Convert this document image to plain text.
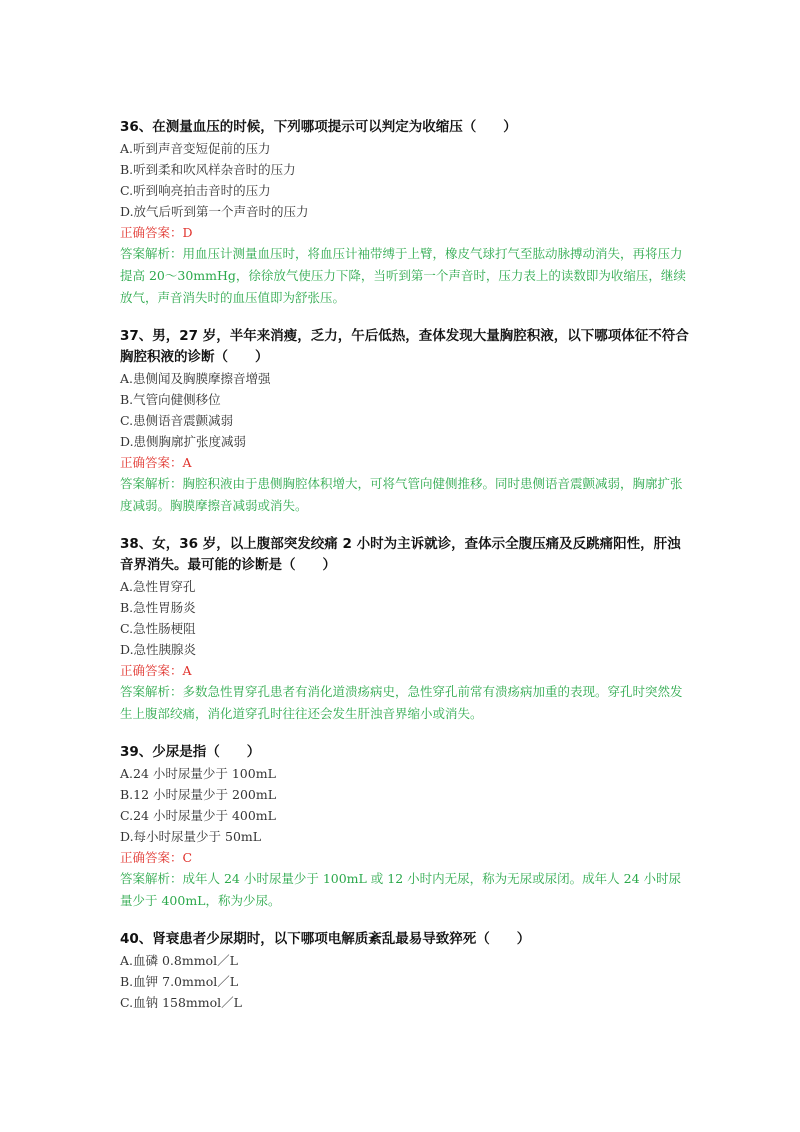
36、在测量血压的时候，下列哪项提示可以判定为收缩压（　　）
A.听到声音变短促前的压力
B.听到柔和吹风样杂音时的压力
C.听到响亮拍击音时的压力
D.放气后听到第一个声音时的压力
正确答案：D
答案解析：用血压计测量血压时，将血压计袖带缚于上臂，橡皮气球打气至肱动脉搏动消失，再将压力提高 20～30mmHg，徐徐放气使压力下降，当听到第一个声音时，压力表上的读数即为收缩压，继续放气，声音消失时的血压值即为舒张压。
37、男，27 岁，半年来消瘦，乏力，午后低热，查体发现大量胸腔积液，以下哪项体征不符合胸腔积液的诊断（　　）
A.患侧闻及胸膜摩擦音增强
B.气管向健侧移位
C.患侧语音震颤减弱
D.患侧胸廓扩张度减弱
正确答案：A
答案解析：胸腔积液由于患侧胸腔体积增大，可将气管向健侧推移。同时患侧语音震颤减弱，胸廓扩张度减弱。胸膜摩擦音减弱或消失。
38、女，36 岁，以上腹部突发绞痛 2 小时为主诉就诊，查体示全腹压痛及反跳痛阳性，肝浊音界消失。最可能的诊断是（　　）
A.急性胃穿孔
B.急性胃肠炎
C.急性肠梗阻
D.急性胰腺炎
正确答案：A
答案解析：多数急性胃穿孔患者有消化道溃疡病史，急性穿孔前常有溃疡病加重的表现。穿孔时突然发生上腹部绞痛，消化道穿孔时往往还会发生肝浊音界缩小或消失。
39、少尿是指（　　）
A.24 小时尿量少于 100mL
B.12 小时尿量少于 200mL
C.24 小时尿量少于 400mL
D.每小时尿量少于 50mL
正确答案：C
答案解析：成年人 24 小时尿量少于 100mL 或 12 小时内无尿，称为无尿或尿闭。成年人 24 小时尿量少于 400mL，称为少尿。
40、肾衰患者少尿期时，以下哪项电解质紊乱最易导致猝死（　　）
A.血磷 0.8mmol／L
B.血钾 7.0mmol／L
C.血钠 158mmol／L
